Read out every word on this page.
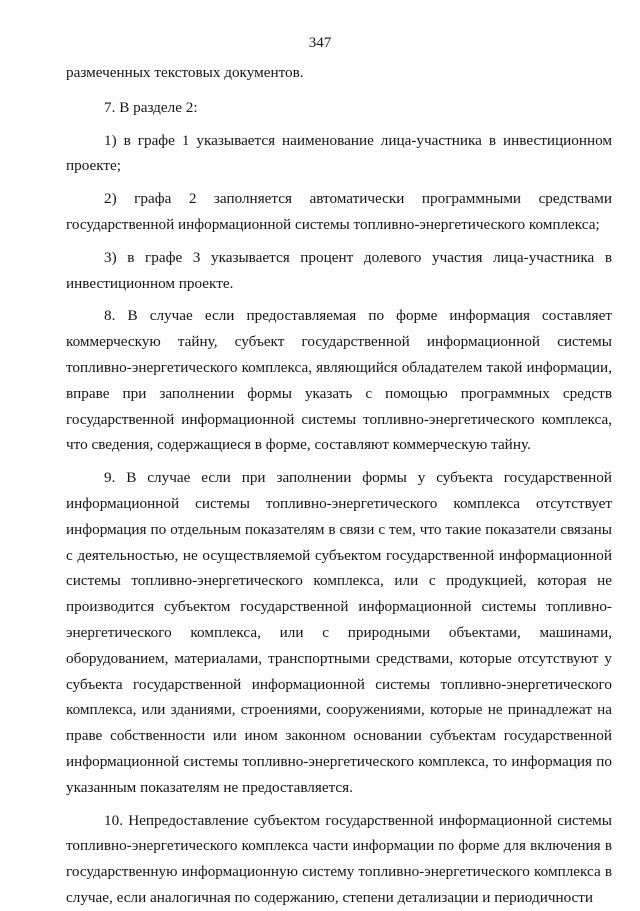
347

размеченных текстовых документов.

7. В разделе 2:

1) в графе 1 указывается наименование лица-участника в инвестиционном проекте;

2) графа 2 заполняется автоматически программными средствами государственной информационной системы топливно-энергетического комплекса;

3) в графе 3 указывается процент долевого участия лица-участника в инвестиционном проекте.

8. В случае если предоставляемая по форме информация составляет коммерческую тайну, субъект государственной информационной системы топливно-энергетического комплекса, являющийся обладателем такой информации, вправе при заполнении формы указать с помощью программных средств государственной информационной системы топливно-энергетического комплекса, что сведения, содержащиеся в форме, составляют коммерческую тайну.

9. В случае если при заполнении формы у субъекта государственной информационной системы топливно-энергетического комплекса отсутствует информация по отдельным показателям в связи с тем, что такие показатели связаны с деятельностью, не осуществляемой субъектом государственной информационной системы топливно-энергетического комплекса, или с продукцией, которая не производится субъектом государственной информационной системы топливно-энергетического комплекса, или с природными объектами, машинами, оборудованием, материалами, транспортными средствами, которые отсутствуют у субъекта государственной информационной системы топливно-энергетического комплекса, или зданиями, строениями, сооружениями, которые не принадлежат на праве собственности или ином законном основании субъектам государственной информационной системы топливно-энергетического комплекса, то информация по указанным показателям не предоставляется.

10. Непредоставление субъектом государственной информационной системы топливно-энергетического комплекса части информации по форме для включения в государственную информационную систему топливно-энергетического комплекса в случае, если аналогичная по содержанию, степени детализации и периодичности
